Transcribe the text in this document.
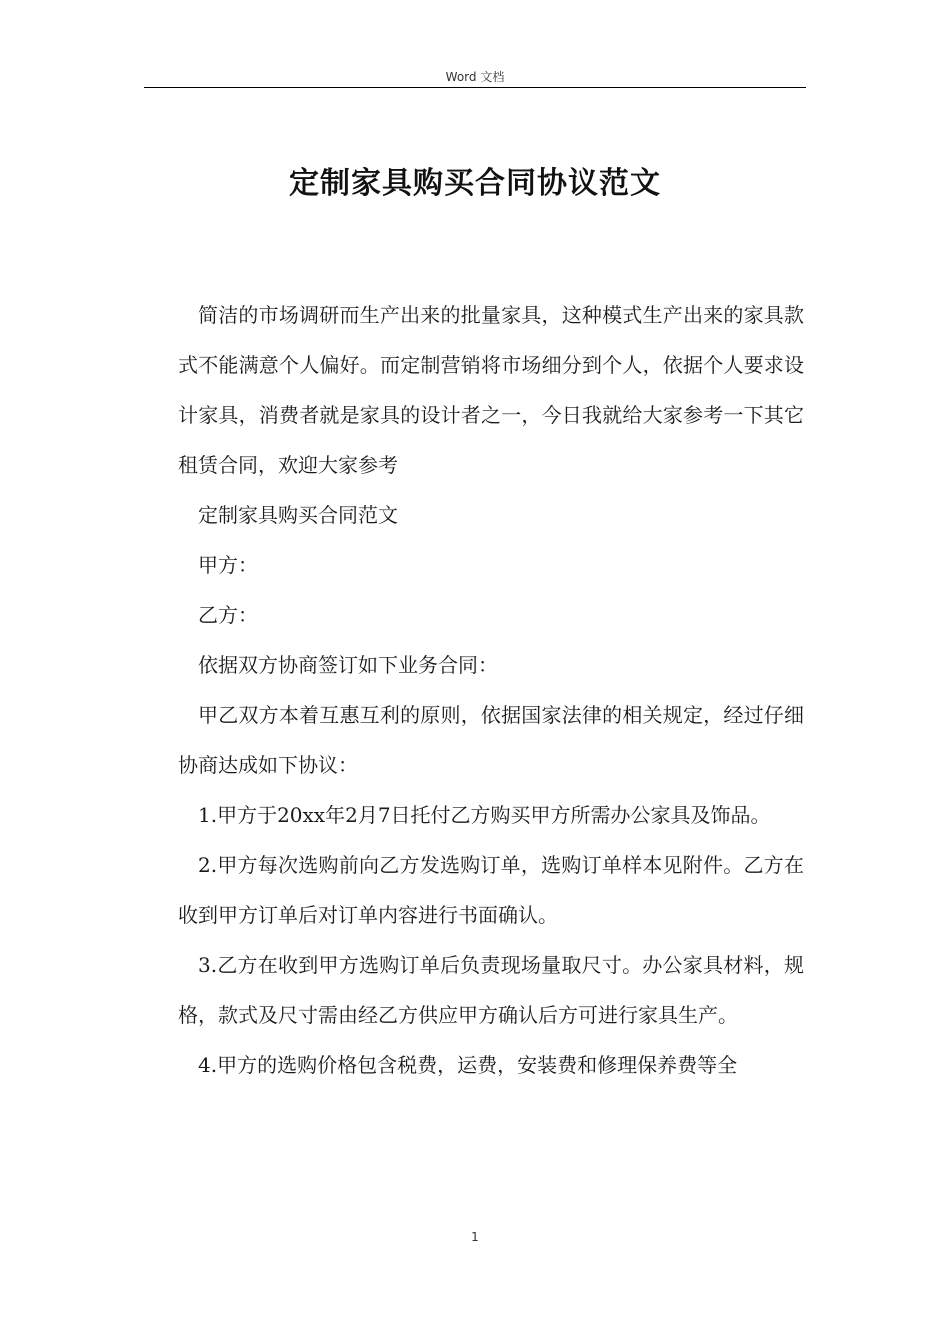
Word 文档
定制家具购买合同协议范文

简洁的市场调研而生产出来的批量家具，这种模式生产出来的家具款式不能满意个人偏好。而定制营销将市场细分到个人，依据个人要求设计家具，消费者就是家具的设计者之一，今日我就给大家参考一下其它租赁合同，欢迎大家参考

定制家具购买合同范文

甲方：

乙方：

依据双方协商签订如下业务合同：

甲乙双方本着互惠互利的原则，依据国家法律的相关规定，经过仔细协商达成如下协议：

1.甲方于20xx年2月7日托付乙方购买甲方所需办公家具及饰品。

2.甲方每次选购前向乙方发选购订单，选购订单样本见附件。乙方在收到甲方订单后对订单内容进行书面确认。

3.乙方在收到甲方选购订单后负责现场量取尺寸。办公家具材料，规格，款式及尺寸需由经乙方供应甲方确认后方可进行家具生产。

4.甲方的选购价格包含税费，运费，安装费和修理保养费等全

1
